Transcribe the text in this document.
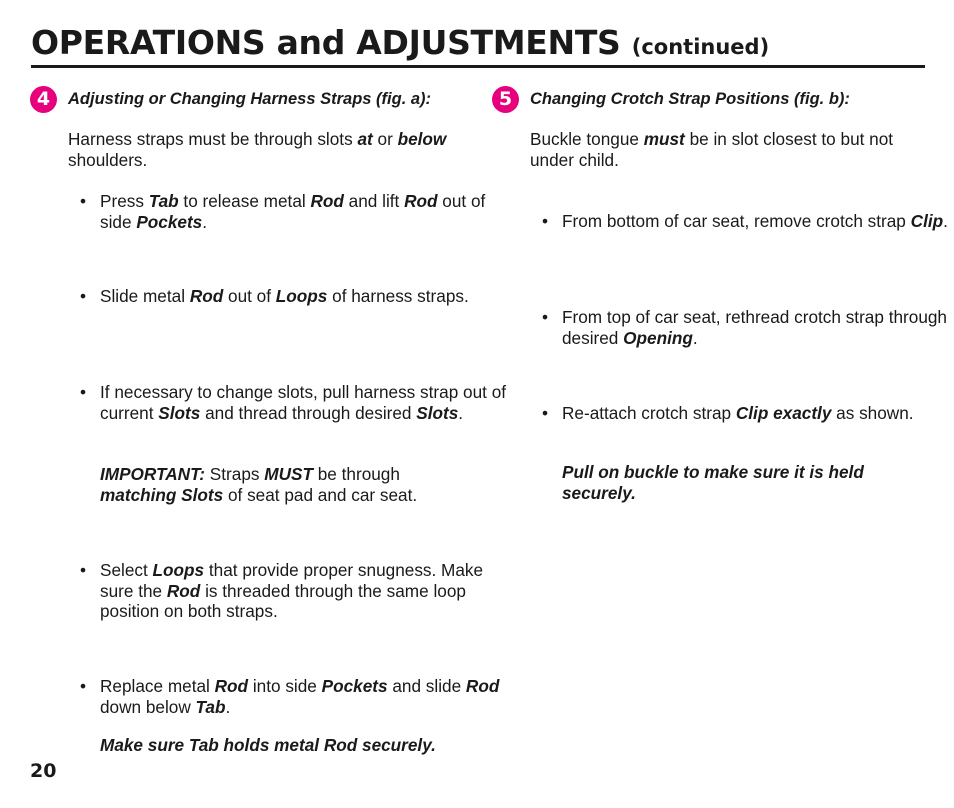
OPERATIONS and ADJUSTMENTS (continued)
4	Adjusting or Changing Harness Straps (fig. a):
Harness straps must be through slots at or below shoulders.
• Press Tab to release metal Rod and lift Rod out of side Pockets.
• Slide metal Rod out of Loops of harness straps.
• If necessary to change slots, pull harness strap out of current Slots and thread through desired Slots.
IMPORTANT: Straps MUST be through matching Slots of seat pad and car seat.
• Select Loops that provide proper snugness. Make sure the Rod is threaded through the same loop position on both straps.
• Replace metal Rod into side Pockets and slide Rod down below Tab.
Make sure Tab holds metal Rod securely.
5	Changing Crotch Strap Positions (fig. b):
Buckle tongue must be in slot closest to but not under child.
• From bottom of car seat, remove crotch strap Clip.
• From top of car seat, rethread crotch strap through desired Opening.
• Re-attach crotch strap Clip exactly as shown.
Pull on buckle to make sure it is held securely.
20
